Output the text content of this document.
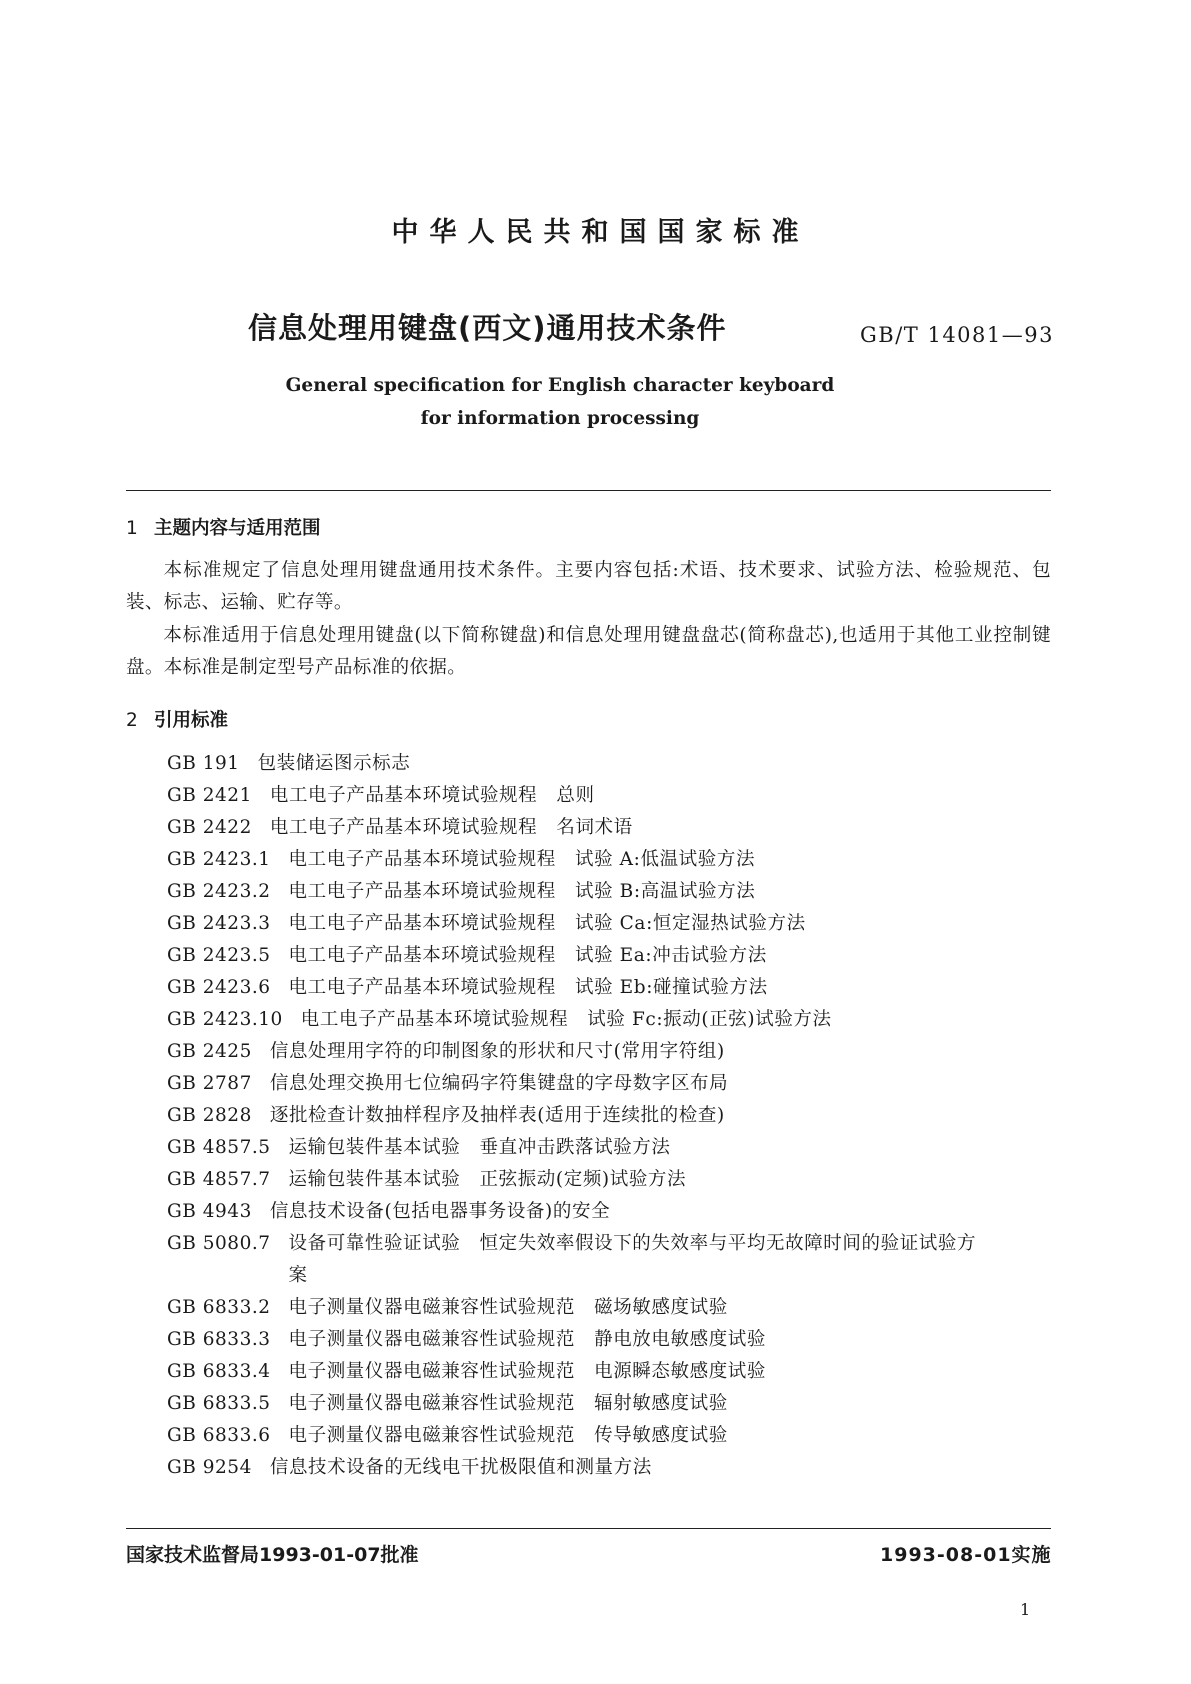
中华人民共和国国家标准
信息处理用键盘(西文)通用技术条件	GB/T 14081—93
General specification for English character keyboard
for information processing
1 主题内容与适用范围
本标准规定了信息处理用键盘通用技术条件。主要内容包括:术语、技术要求、试验方法、检验规范、包装、标志、运输、贮存等。
本标准适用于信息处理用键盘(以下简称键盘)和信息处理用键盘盘芯(简称盘芯),也适用于其他工业控制键盘。本标准是制定型号产品标准的依据。
2 引用标准
GB 191 包装储运图示标志
GB 2421 电工电子产品基本环境试验规程　总则
GB 2422 电工电子产品基本环境试验规程　名词术语
GB 2423.1 电工电子产品基本环境试验规程　试验 A:低温试验方法
GB 2423.2 电工电子产品基本环境试验规程　试验 B:高温试验方法
GB 2423.3 电工电子产品基本环境试验规程　试验 Ca:恒定湿热试验方法
GB 2423.5 电工电子产品基本环境试验规程　试验 Ea:冲击试验方法
GB 2423.6 电工电子产品基本环境试验规程　试验 Eb:碰撞试验方法
GB 2423.10 电工电子产品基本环境试验规程　试验 Fc:振动(正弦)试验方法
GB 2425 信息处理用字符的印制图象的形状和尺寸(常用字符组)
GB 2787 信息处理交换用七位编码字符集键盘的字母数字区布局
GB 2828 逐批检查计数抽样程序及抽样表(适用于连续批的检查)
GB 4857.5 运输包装件基本试验　垂直冲击跌落试验方法
GB 4857.7 运输包装件基本试验　正弦振动(定频)试验方法
GB 4943 信息技术设备(包括电器事务设备)的安全
GB 5080.7 设备可靠性验证试验　恒定失效率假设下的失效率与平均无故障时间的验证试验方
案
GB 6833.2 电子测量仪器电磁兼容性试验规范　磁场敏感度试验
GB 6833.3 电子测量仪器电磁兼容性试验规范　静电放电敏感度试验
GB 6833.4 电子测量仪器电磁兼容性试验规范　电源瞬态敏感度试验
GB 6833.5 电子测量仪器电磁兼容性试验规范　辐射敏感度试验
GB 6833.6 电子测量仪器电磁兼容性试验规范　传导敏感度试验
GB 9254 信息技术设备的无线电干扰极限值和测量方法
国家技术监督局1993-01-07批准	1993-08-01实施
1
